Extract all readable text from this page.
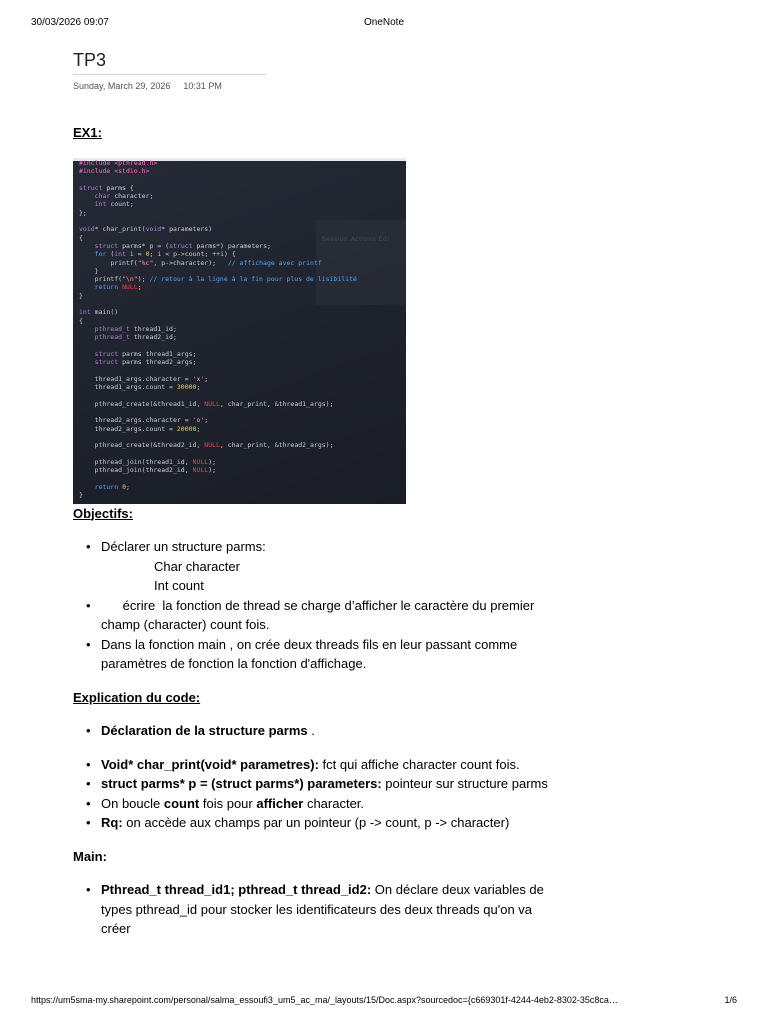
30/03/2026 09:07	OneNote
TP3
Sunday, March 29, 2026 10:31 PM
EX1:
Objectifs:
• Déclarer un structure parms:
Char character
Int count
• écrire  la fonction de thread se charge d’afficher le caractère du premier
champ (character) count fois.
• Dans la fonction main , on crée deux threads fils en leur passant comme
paramètres de fonction la fonction d'affichage.
Explication du code:
• Déclaration de la structure parms .
• Void* char_print(void* parametres): fct qui affiche character count fois.
• struct parms* p = (struct parms*) parameters: pointeur sur structure parms
• On boucle count fois pour afficher character.
• Rq: on accède aux champs par un pointeur (p -> count, p -> character)
Main:
• Pthread_t thread_id1; pthread_t thread_id2: On déclare deux variables de
types pthread_id pour stocker les identificateurs des deux threads qu'on va
créer
Session Actions Edi
#include <pthread.h>
#include <stdio.h>

struct parms {
char character;
int count;
};

void* char_print(void* parameters)
{
struct parms* p = (struct parms*) parameters;
for (int i = 0; i < p->count; ++i) {
printf("%c", p->character); // affichage avec printf
}
printf("\n"); // retour à la ligne à la fin pour plus de lisibilité
return NULL;
}

int main()
{
pthread_t thread1_id;
pthread_t thread2_id;

struct parms thread1_args;
struct parms thread2_args;

thread1_args.character = 'x';
thread1_args.count = 30000;

pthread_create(&thread1_id, NULL, char_print, &thread1_args);

thread2_args.character = 'o';
thread2_args.count = 20000;

pthread_create(&thread2_id, NULL, char_print, &thread2_args);

pthread_join(thread1_id, NULL);
pthread_join(thread2_id, NULL);

return 0;
}
https://um5sma-my.sharepoint.com/personal/salma_essoufi3_um5_ac_ma/_layouts/15/Doc.aspx?sourcedoc={c669301f-4244-4eb2-8302-35c8ca…	1/6
